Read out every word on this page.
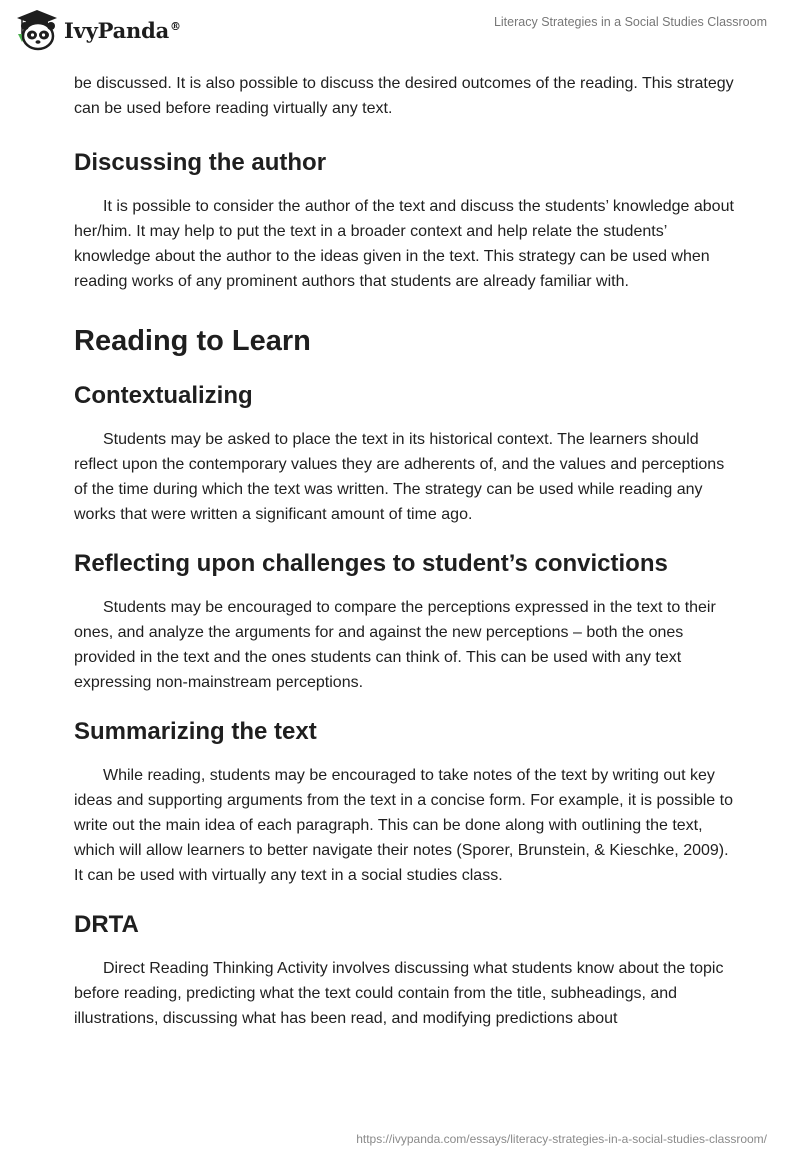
IvyPanda®	Literacy Strategies in a Social Studies Classroom

be discussed. It is also possible to discuss the desired outcomes of the reading. This strategy can be used before reading virtually any text.

Discussing the author

It is possible to consider the author of the text and discuss the students’ knowledge about her/him. It may help to put the text in a broader context and help relate the students’ knowledge about the author to the ideas given in the text. This strategy can be used when reading works of any prominent authors that students are already familiar with.

Reading to Learn
Contextualizing

Students may be asked to place the text in its historical context. The learners should reflect upon the contemporary values they are adherents of, and the values and perceptions of the time during which the text was written. The strategy can be used while reading any works that were written a significant amount of time ago.

Reflecting upon challenges to student’s convictions

Students may be encouraged to compare the perceptions expressed in the text to their ones, and analyze the arguments for and against the new perceptions – both the ones provided in the text and the ones students can think of. This can be used with any text expressing non-mainstream perceptions.

Summarizing the text

While reading, students may be encouraged to take notes of the text by writing out key ideas and supporting arguments from the text in a concise form. For example, it is possible to write out the main idea of each paragraph. This can be done along with outlining the text, which will allow learners to better navigate their notes (Sporer, Brunstein, & Kieschke, 2009). It can be used with virtually any text in a social studies class.

DRTA

Direct Reading Thinking Activity involves discussing what students know about the topic before reading, predicting what the text could contain from the title, subheadings, and illustrations, discussing what has been read, and modifying predictions about

https://ivypanda.com/essays/literacy-strategies-in-a-social-studies-classroom/
